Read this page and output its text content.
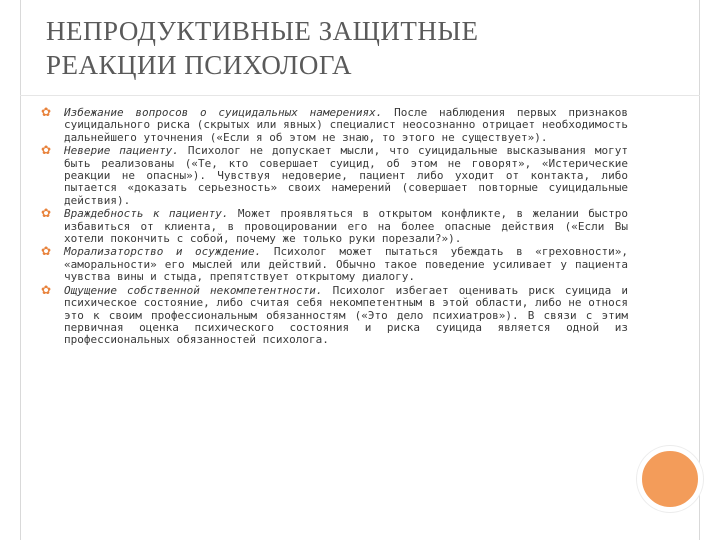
НЕПРОДУКТИВНЫЕ ЗАЩИТНЫЕ
РЕАКЦИИ ПСИХОЛОГА
✿ Избежание вопросов о суицидальных намерениях. После наблюдения первых признаков суицидального риска (скрытых или явных) специалист неосознанно отрицает необходимость дальнейшего уточнения («Если я об этом не знаю, то этого не существует»).
✿ Неверие пациенту. Психолог не допускает мысли, что суицидальные высказывания могут быть реализованы («Те, кто совершает суицид, об этом не говорят», «Истерические реакции не опасны»). Чувствуя недоверие, пациент либо уходит от контакта, либо пытается «доказать серьезность» своих намерений (совершает повторные суицидальные действия).
✿ Враждебность к пациенту. Может проявляться в открытом конфликте, в желании быстро избавиться от клиента, в провоцировании его на более опасные действия («Если Вы хотели покончить с собой, почему же только руки порезали?»).
✿ Морализаторство и осуждение. Психолог может пытаться убеждать в «греховности», «аморальности» его мыслей или действий. Обычно такое поведение усиливает у пациента чувства вины и стыда, препятствует открытому диалогу.
✿ Ощущение собственной некомпетентности. Психолог избегает оценивать риск суицида и психическое состояние, либо считая себя некомпетентным в этой области, либо не относя это к своим профессиональным обязанностям («Это дело психиатров»). В связи с этим первичная оценка психического состояния и риска суицида является одной из профессиональных обязанностей психолога.
